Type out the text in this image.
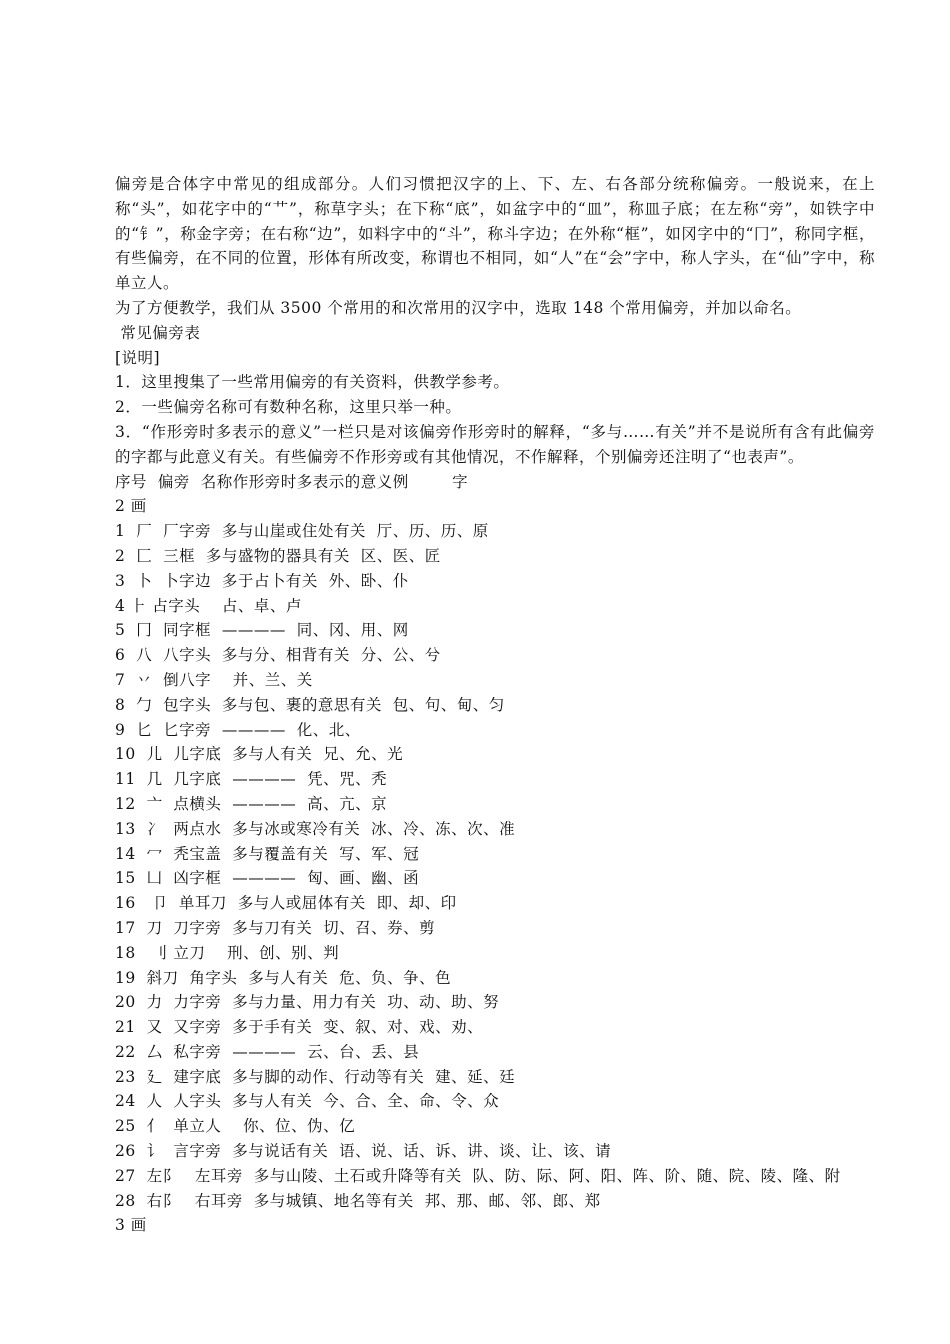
偏旁是合体字中常见的组成部分。人们习惯把汉字的上、下、左、右各部分统称偏旁。一般说来，在上称“头”，如花字中的“艹”，称草字头；在下称“底”，如盆字中的“皿”，称皿子底；在左称“旁”，如铁字中的“钅”，称金字旁；在右称“边”，如料字中的“斗”，称斗字边；在外称“框”，如冈字中的“冂”，称同字框，有些偏旁，在不同的位置，形体有所改变，称谓也不相同，如“人”在“会”字中，称人字头，在“仙”字中，称单立人。

为了方便教学，我们从 3500 个常用的和次常用的汉字中，选取 148 个常用偏旁，并加以命名。

常见偏旁表

[说明]

1．这里搜集了一些常用偏旁的有关资料，供教学参考。

2．一些偏旁名称可有数种名称，这里只举一种。

3．“作形旁时多表示的意义”一栏只是对该偏旁作形旁时的解释，“多与……有关”并不是说所有含有此偏旁的字都与此意义有关。有些偏旁不作形旁或有其他情况，不作解释，个别偏旁还注明了“也表声”。

序号  偏旁  名称作形旁时多表示的意义例        字

2 画

1  厂  厂字旁  多与山崖或住处有关  厅、历、历、原

2  匚  三框  多与盛物的器具有关  区、医、匠

3  卜  卜字边  多于占卜有关  外、卧、仆

4 ⺊ 占字头    占、卓、卢

5  冂  同字框  ————  同、冈、用、网

6  八  八字头  多与分、相背有关  分、公、兮

7  丷  倒八字    并、兰、关

8  勹  包字头  多与包、裹的意思有关  包、句、甸、匀

9  匕  匕字旁  ————  化、北、

10  儿  儿字底  多与人有关  兄、允、光

11  几  几字底  ————  凭、咒、秃

12  亠  点横头  ————  高、亢、京

13  冫  两点水  多与冰或寒冷有关  冰、冷、冻、次、准

14  冖  秃宝盖  多与覆盖有关  写、军、冠

15  凵  凶字框  ————  匈、画、幽、函

16   卩  单耳刀  多与人或屈体有关  即、却、印

17  刀  刀字旁  多与刀有关  切、召、券、剪

18   刂 立刀    刑、创、别、判

19  斜刀  角字头  多与人有关  危、负、争、色

20  力  力字旁  多与力量、用力有关  功、动、助、努

21  又  又字旁  多于手有关  变、叙、对、戏、劝、

22  厶  私字旁  ————  云、台、丢、县

23  廴  建字底  多与脚的动作、行动等有关  建、延、廷

24  人  人字头  多与人有关  今、合、全、命、令、众

25  亻  单立人    你、位、伪、亿

26  讠  言字旁  多与说话有关  语、说、话、诉、讲、谈、让、该、请

27  左阝   左耳旁  多与山陵、土石或升降等有关  队、防、际、阿、阳、阵、阶、随、院、陵、隆、附

28  右阝   右耳旁  多与城镇、地名等有关  邦、那、邮、邻、郎、郑

3 画
